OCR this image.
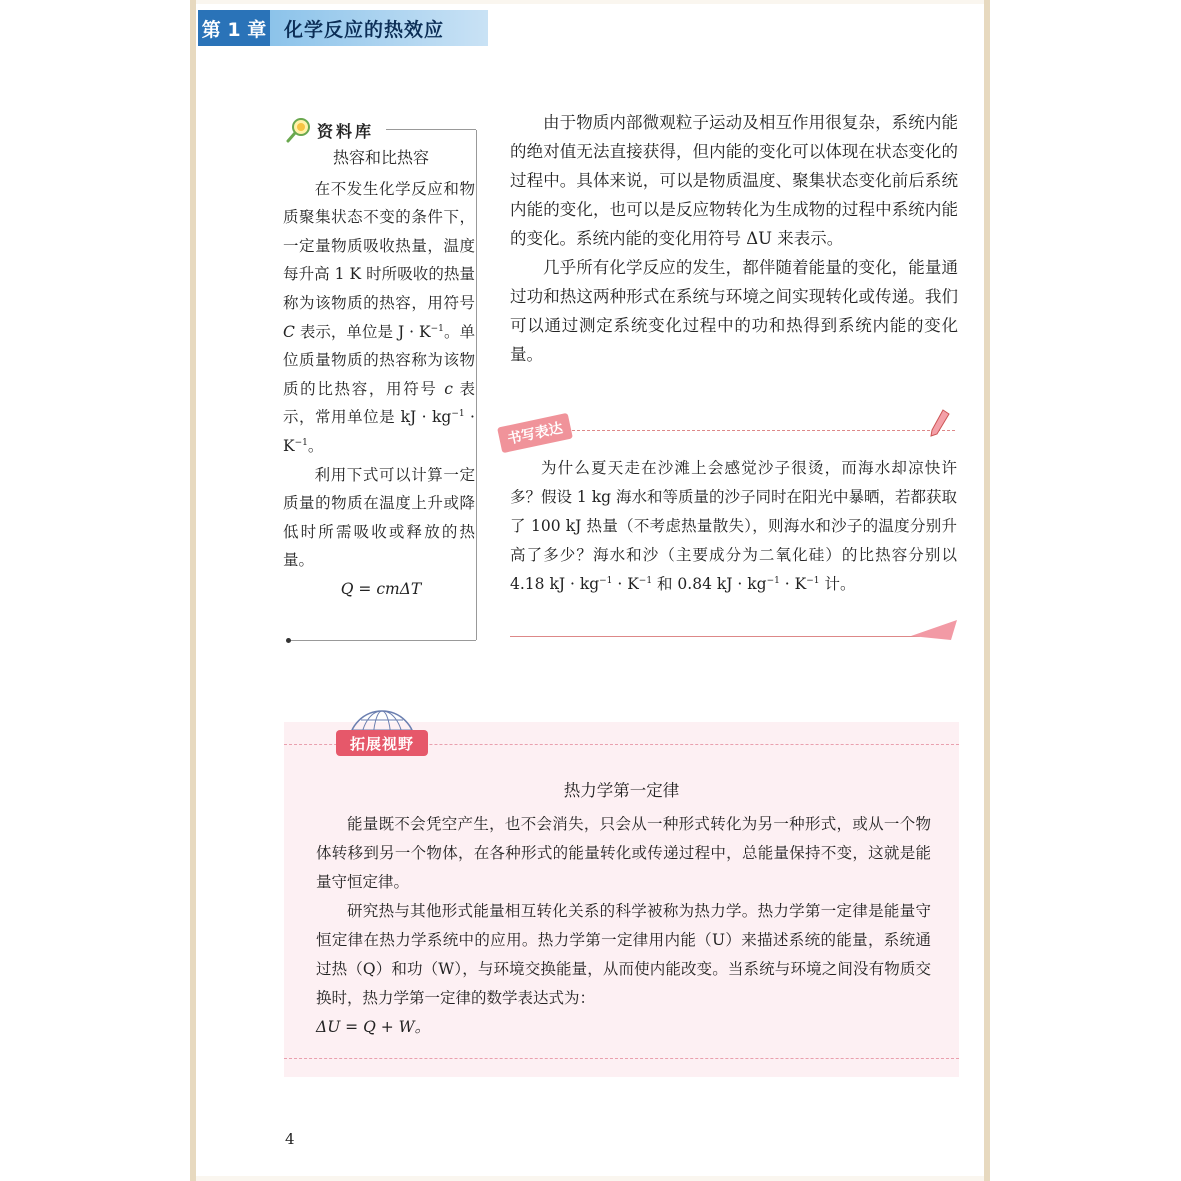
第 1 章 化学反应的热效应
资料库
热容和比热容
  在不发生化学反应和物质聚集状态不变的条件下，一定量物质吸收热量，温度每升高 1 K 时所吸收的热量称为该物质的热容，用符号 C 表示，单位是 $J \cdot K^{-1}$。单位质量物质的热容称为该物质的比热容，用符号 c 表示，常用单位是 kJ · $kg^{-1} \cdot K^{-1}$。
  利用下式可以计算一定质量的物质在温度上升或降低时所需吸收或释放的热量。
Q = cmΔT

由于物质内部微观粒子运动及相互作用很复杂，系统内能的绝对值无法直接获得，但内能的变化可以体现在状态变化的过程中。具体来说，可以是物质温度、聚集状态变化前后系统内能的变化，也可以是反应物转化为生成物的过程中系统内能的变化。系统内能的变化用符号 ΔU 来表示。

几乎所有化学反应的发生，都伴随着能量的变化，能量通过功和热这两种形式在系统与环境之间实现转化或传递。我们可以通过测定系统变化过程中的功和热得到系统内能的变化量。

书写表达

为什么夏天走在沙滩上会感觉沙子很烫，而海水却凉快许多？假设 1 kg 海水和等质量的沙子同时在阳光中暴晒，若都获取了 100 kJ 热量（不考虑热量散失），则海水和沙子的温度分别升高了多少？海水和沙（主要成分为二氧化硅）的比热容分别以 4.18 kJ · $kg^{-1} \cdot K^{-1}$ 和 0.84 kJ · $kg^{-1} \cdot K^{-1}$ 计。

拓展视野
热力学第一定律

能量既不会凭空产生，也不会消失，只会从一种形式转化为另一种形式，或从一个物体转移到另一个物体，在各种形式的能量转化或传递过程中，总能量保持不变，这就是能量守恒定律。

研究热与其他形式能量相互转化关系的科学被称为热力学。热力学第一定律是能量守恒定律在热力学系统中的应用。热力学第一定律用内能（U）来描述系统的能量，系统通过热（Q）和功（W），与环境交换能量，从而使内能改变。当系统与环境之间没有物质交换时，热力学第一定律的数学表达式为：

ΔU = Q + W。

4
